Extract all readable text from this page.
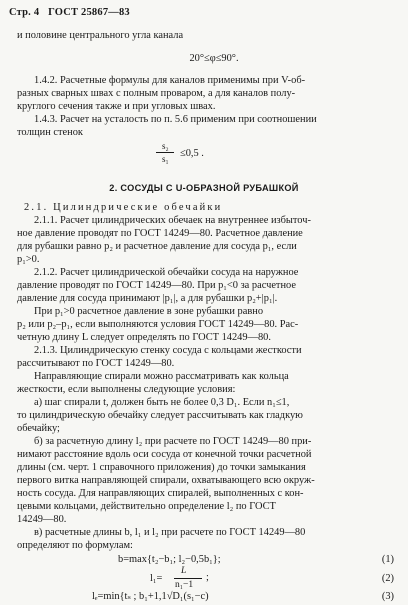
Стр. 4 ГОСТ 25867—83
и половине центрального угла канала
20°≤φ≤90°.
1.4.2. Расчетные формулы для каналов применимы при V-об-
разных сварных швах с полным проваром, а для каналов полу-
круглого сечения также и при угловых швах.
1.4.3. Расчет на усталость по п. 5.6 применим при соотношении
толщин стенок
s₂
s₁ ≤0,5 .
2. СОСУДЫ С U-ОБРАЗНОЙ РУБАШКОЙ
2.1. Цилиндрические обечайки
2.1.1. Расчет цилиндрических обечаек на внутреннее избыточ-
ное давление проводят по ГОСТ 14249—80. Расчетное давление
для рубашки равно p₂ и расчетное давление для сосуда p₁, если
p₁>0.
2.1.2. Расчет цилиндрической обечайки сосуда на наружное
давление проводят по ГОСТ 14249—80. При p₁<0 за расчетное
давление для сосуда принимают |p₁|, а для рубашки p₂+|p₁|.
При p₁>0 расчетное давление в зоне рубашки равно
p₂ или p₂–p₁, если выполняются условия ГОСТ 14249—80. Рас-
четную длину L следует определять по ГОСТ 14249—80.
2.1.3. Цилиндрическую стенку сосуда с кольцами жесткости
рассчитывают по ГОСТ 14249—80.
Направляющие спирали можно рассматривать как кольца
жесткости, если выполнены следующие условия:
а) шаг спирали t, должен быть не более 0,3 D₁. Если n₁≤1,
то цилиндрическую обечайку следует рассчитывать как гладкую
обечайку;
б) за расчетную длину l₂ при расчете по ГОСТ 14249—80 при-
нимают расстояние вдоль оси сосуда от конечной точки расчетной
длины (см. черт. 1 справочного приложения) до точки замыкания
первого витка направляющей спирали, охватывающего всю окруж-
ность сосуда. Для направляющих спиралей, выполненных с кон-
цевыми кольцами, действительно определение l₂ по ГОСТ
14249—80.
в) расчетные длины b, l₁ и l₂ при расчете по ГОСТ 14249—80
определяют по формулам:
b=max{t₂−b₁; l₂−0,5b₁};	(1)
l₁=
L
n₁−1
;	(2)
lₑ=min{tₛ ; b₁+1,1√D₁(s₁−c)	(3)
